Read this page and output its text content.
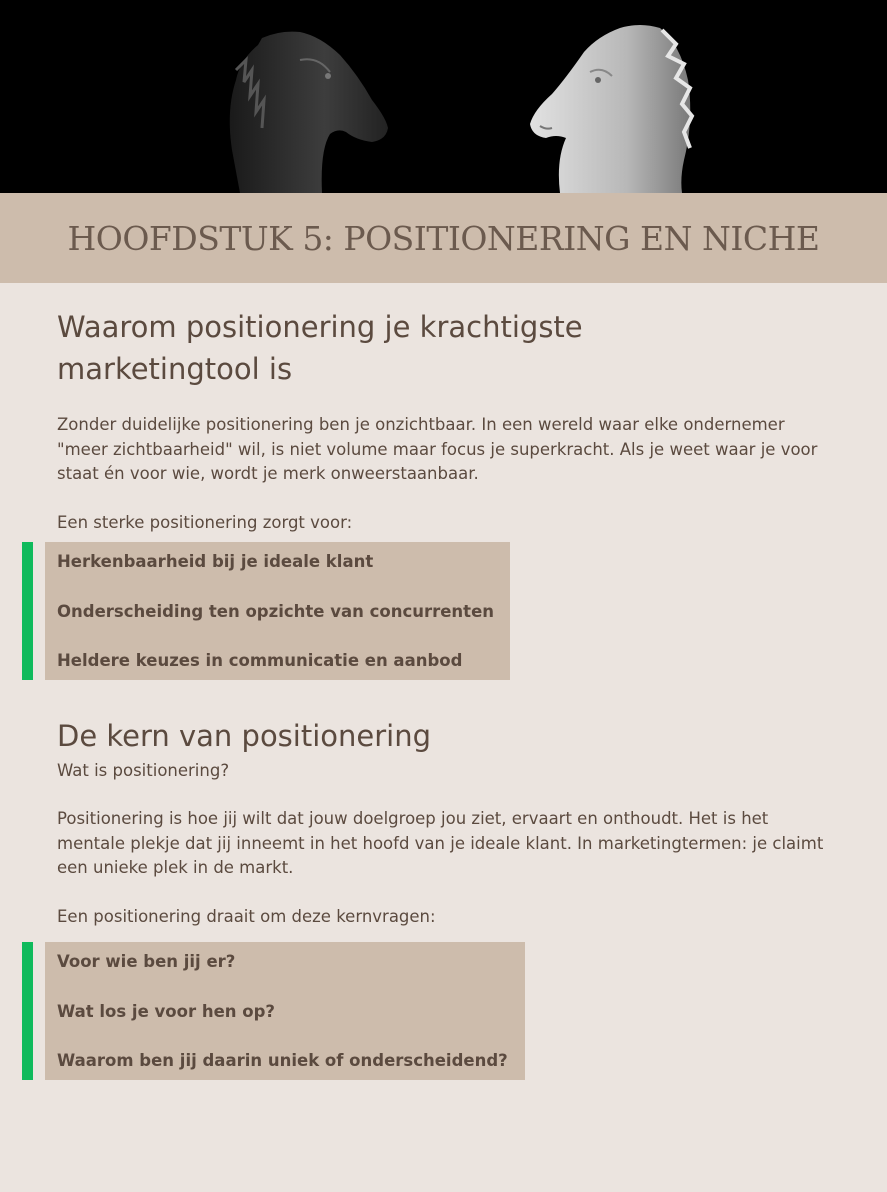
HOOFDSTUK 5: POSITIONERING EN NICHE
Waarom positionering je krachtigste marketingtool is

Zonder duidelijke positionering ben je onzichtbaar. In een wereld waar elke ondernemer "meer zichtbaarheid" wil, is niet volume maar focus je superkracht. Als je weet waar je voor staat én voor wie, wordt je merk onweerstaanbaar.

Een sterke positionering zorgt voor:

Herkenbaarheid bij je ideale klant

Onderscheiding ten opzichte van concurrenten

Heldere keuzes in communicatie en aanbod

De kern van positionering

Wat is positionering?

Positionering is hoe jij wilt dat jouw doelgroep jou ziet, ervaart en onthoudt. Het is het mentale plekje dat jij inneemt in het hoofd van je ideale klant. In marketingtermen: je claimt een unieke plek in de markt.

Een positionering draait om deze kernvragen:

Voor wie ben jij er?

Wat los je voor hen op?

Waarom ben jij daarin uniek of onderscheidend?
